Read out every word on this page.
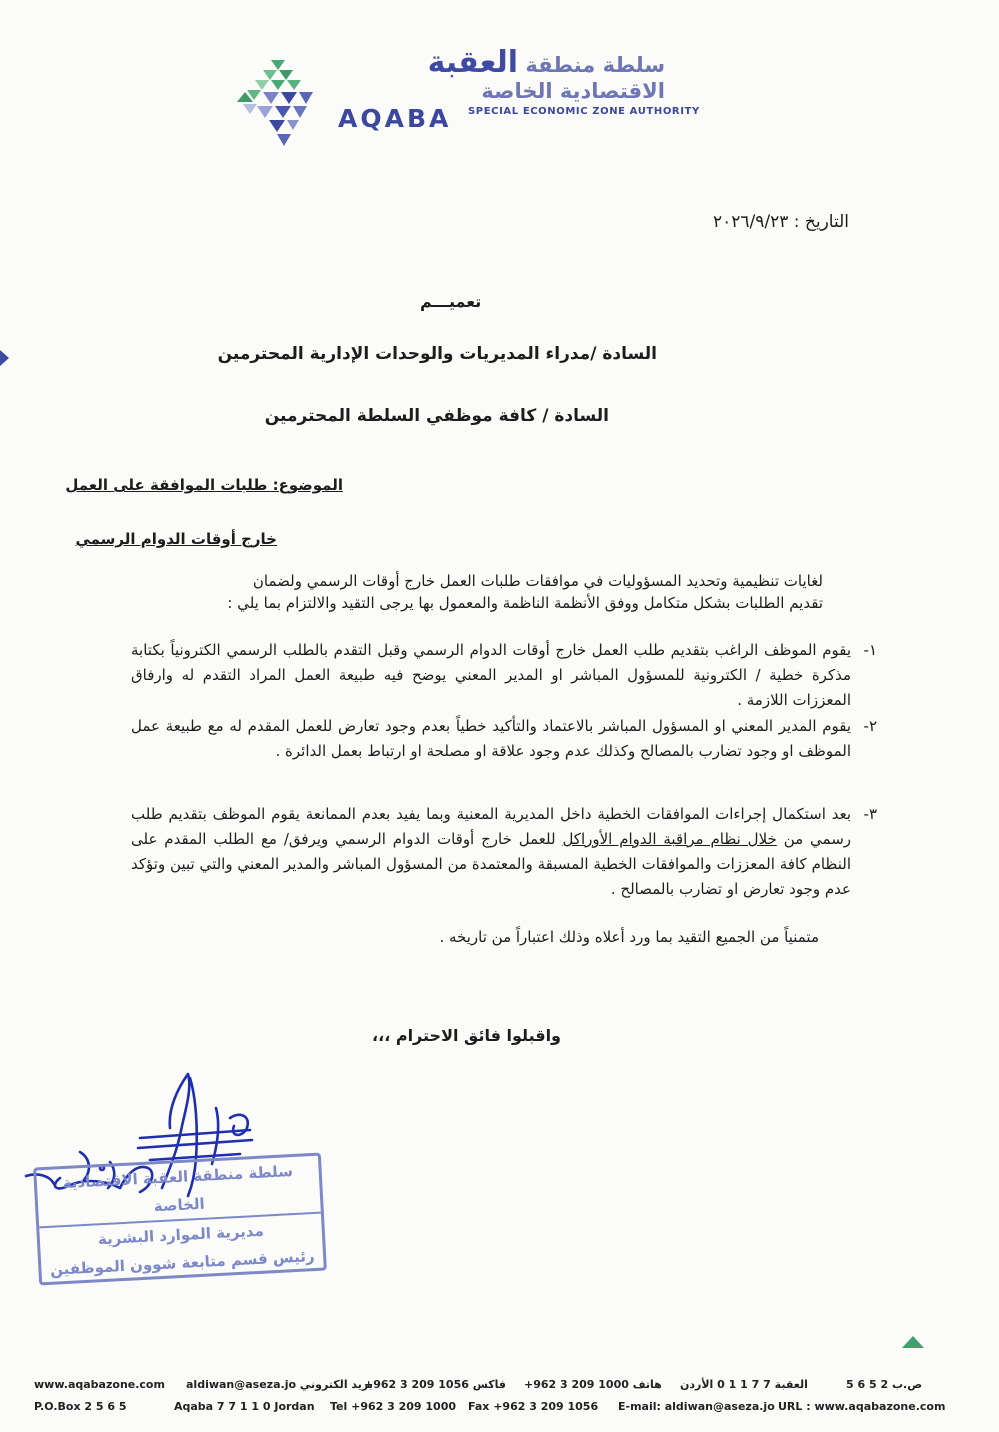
سلطة منطقة العقبة
الاقتصادية الخاصة
AQABA SPECIAL ECONOMIC ZONE AUTHORITY
التاريخ : ٢٠٢٦/٩/٢٣
تعميـــم
السادة /مدراء المديريات والوحدات الإدارية المحترمين
السادة / كافة موظفي السلطة المحترمين
الموضوع: طلبات الموافقة على العمل
خارج أوقات الدوام الرسمي
لغايات تنظيمية وتحديد المسؤوليات في موافقات طلبات العمل خارج أوقات الرسمي ولضمان
تقديم الطلبات بشكل متكامل ووفق الأنظمة الناظمة والمعمول بها يرجى التقيد والالتزام بما يلي :
١-
يقوم الموظف الراغب بتقديم طلب العمل خارج أوقات الدوام الرسمي وقبل التقدم بالطلب الرسمي الكترونياً بكتابة مذكرة خطية / الكترونية للمسؤول المباشر او المدير المعني يوضح فيه طبيعة العمل المراد التقدم له وارفاق المعززات اللازمة .
٢-
يقوم المدير المعني او المسؤول المباشر بالاعتماد والتأكيد خطياً بعدم وجود تعارض للعمل المقدم له مع طبيعة عمل الموظف او وجود تضارب بالمصالح وكذلك عدم وجود علاقة او مصلحة او ارتباط بعمل الدائرة .
٣-
بعد استكمال إجراءات الموافقات الخطية داخل المديرية المعنية وبما يفيد بعدم الممانعة يقوم الموظف بتقديم طلب رسمي من خلال نظام مراقبة الدوام الأوراكل للعمل خارج أوقات الدوام الرسمي ويرفق/ مع الطلب المقدم على النظام كافة المعززات والموافقات الخطية المسبقة والمعتمدة من المسؤول المباشر والمدير المعني والتي تبين وتؤكد عدم وجود تعارض او تضارب بالمصالح .
متمنياً من الجميع التقيد بما ورد أعلاه وذلك اعتباراً من تاريخه .
واقبلوا فائق الاحترام ،،،
سلطة منطقة العقبة الاقتصادية الخاصة
مديرية الموارد البشرية
رئيس قسم متابعة شوون الموظفين
www.aqabazone.com aldiwan@aseza.jo بريد الكتروني
+962 3 209 1056 فاكس +962 3 209 1000 هاتف العقبة 7 7 1 1 0 الأردن	ص.ب 2 5 6 5
P.O.Box 2 5 6 5	Aqaba 7 7 1 1 0 Jordan Tel +962 3 209 1000 Fax +962 3 209 1056 E-mail: aldiwan@aseza.jo URL : www.aqabazone.com
